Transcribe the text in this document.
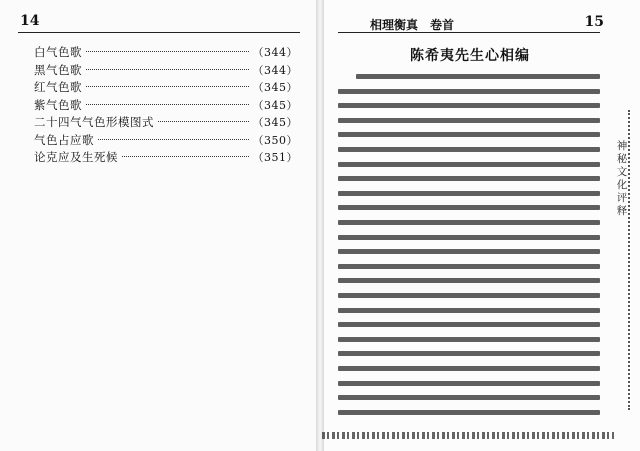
14
白气色歌	（344）
黑气色歌	（344）
红气色歌	（345）
紫气色歌	（345）
二十四气气色形模图式	（345）
气色占应歌	（350）
论克应及生死候	（351）
相理衡真　卷首	15
陈希夷先生心相编
神秘文化评释
